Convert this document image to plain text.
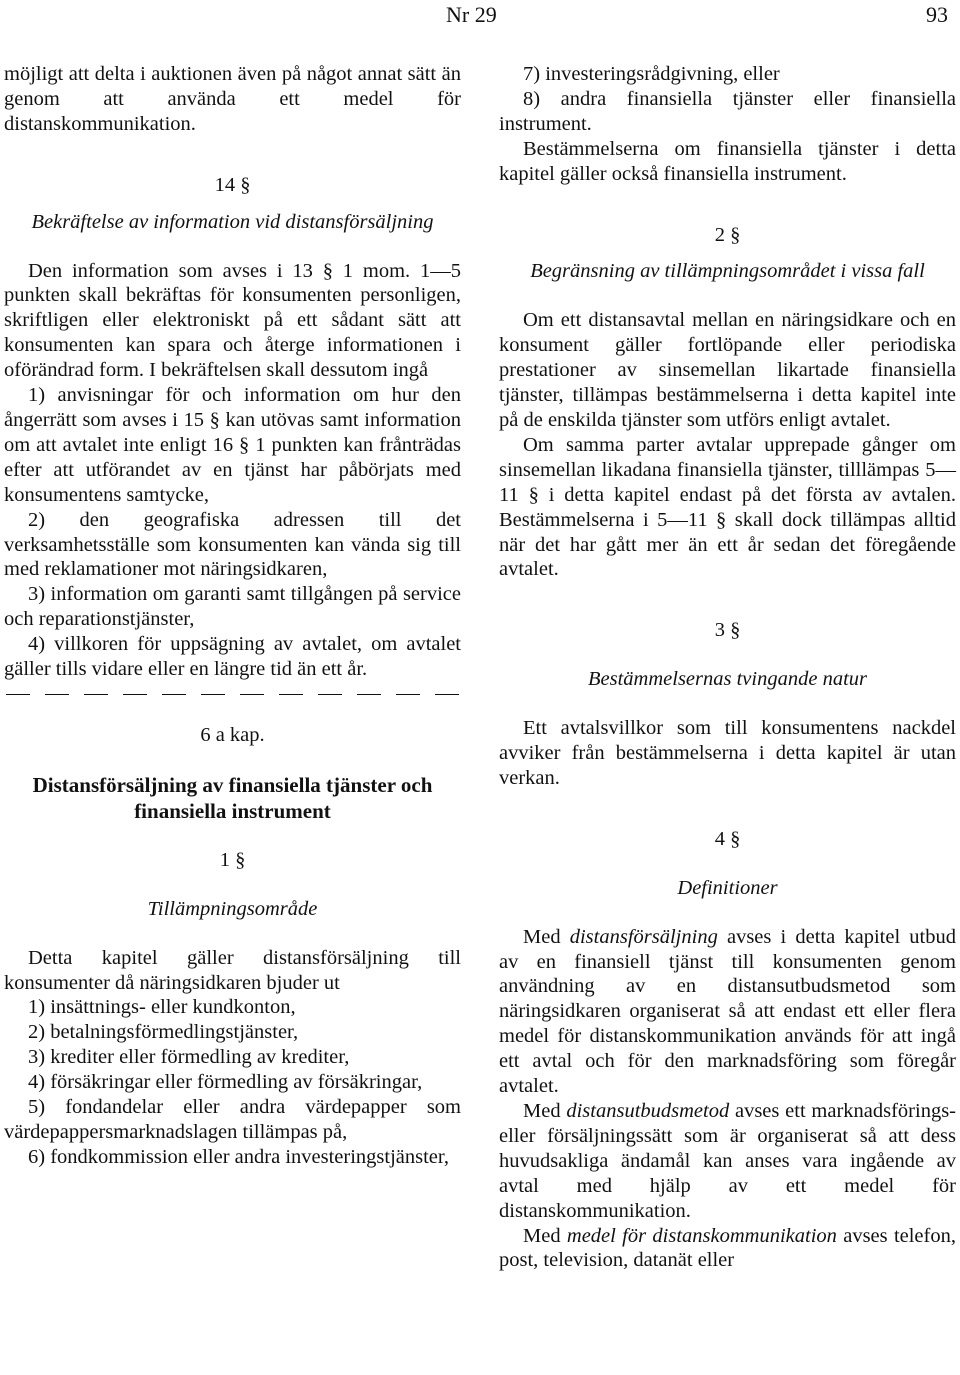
Nr 29	93

möjligt att delta i auktionen även på något annat sätt än genom att använda ett medel för distanskommunikation.

14 §

Bekräftelse av information vid distansförsäljning

Den information som avses i 13 § 1 mom. 1—5 punkten skall bekräftas för konsumenten personligen, skriftligen eller elektroniskt på ett sådant sätt att konsumenten kan spara och återge informationen i oförändrad form. I bekräftelsen skall dessutom ingå

1) anvisningar för och information om hur den ångerrätt som avses i 15 § kan utövas samt information om att avtalet inte enligt 16 § 1 punkten kan frånträdas efter att utförandet av en tjänst har påbörjats med konsumentens samtycke,

2) den geografiska adressen till det verksamhetsställe som konsumenten kan vända sig till med reklamationer mot näringsidkaren,

3) information om garanti samt tillgången på service och reparationstjänster,

4) villkoren för uppsägning av avtalet, om avtalet gäller tills vidare eller en längre tid än ett år.

6 a kap.

Distansförsäljning av finansiella tjänster och finansiella instrument

1 §

Tillämpningsområde

Detta kapitel gäller distansförsäljning till konsumenter då näringsidkaren bjuder ut

1) insättnings- eller kundkonton,

2) betalningsförmedlingstjänster,

3) krediter eller förmedling av krediter,

4) försäkringar eller förmedling av försäkringar,

5) fondandelar eller andra värdepapper som värdepappersmarknadslagen tillämpas på,

6) fondkommission eller andra investeringstjänster,

7) investeringsrådgivning, eller

8) andra finansiella tjänster eller finansiella instrument.

Bestämmelserna om finansiella tjänster i detta kapitel gäller också finansiella instrument.

2 §

Begränsning av tillämpningsområdet i vissa fall

Om ett distansavtal mellan en näringsidkare och en konsument gäller fortlöpande eller periodiska prestationer av sinsemellan likartade finansiella tjänster, tillämpas bestämmelserna i detta kapitel inte på de enskilda tjänster som utförs enligt avtalet.

Om samma parter avtalar upprepade gånger om sinsemellan likadana finansiella tjänster, tilllämpas 5—11 § i detta kapitel endast på det första av avtalen. Bestämmelserna i 5—11 § skall dock tillämpas alltid när det har gått mer än ett år sedan det föregående avtalet.

3 §

Bestämmelsernas tvingande natur

Ett avtalsvillkor som till konsumentens nackdel avviker från bestämmelserna i detta kapitel är utan verkan.

4 §

Definitioner

Med distansförsäljning avses i detta kapitel utbud av en finansiell tjänst till konsumenten genom användning av en distansutbudsmetod som näringsidkaren organiserat så att endast ett eller flera medel för distanskommunikation används för att ingå ett avtal och för den marknadsföring som föregår avtalet.

Med distansutbudsmetod avses ett marknadsförings- eller försäljningssätt som är organiserat så att dess huvudsakliga ändamål kan anses vara ingående av avtal med hjälp av ett medel för distanskommunikation.

Med medel för distanskommunikation avses telefon, post, television, datanät eller
